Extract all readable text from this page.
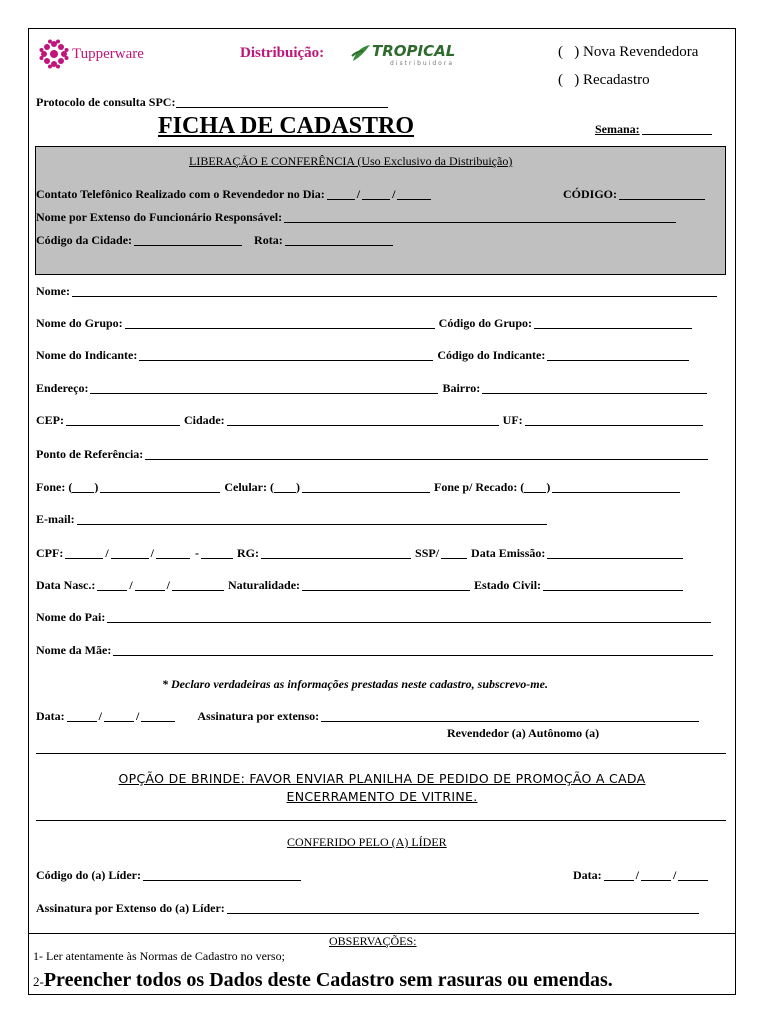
Tupperware	Distribuição:	TROPICAL
distribuidora
(   ) Nova Revendedora
(   ) Recadastro
Protocolo de consulta SPC:
FICHA DE CADASTRO	Semana:
LIBERAÇÃO E CONFERÊNCIA (Uso Exclusivo da Distribuição)
Contato Telefônico Realizado com o Revendedor no Dia:	/	/	CÓDIGO:
Nome por Extenso do Funcionário Responsável:
Código da Cidade:	Rota:
Nome:
Nome do Grupo:	Código do Grupo:
Nome do Indicante:	Código do Indicante:
Endereço:	Bairro:
CEP:	Cidade:	UF:
Ponto de Referência:
Fone: ( )	Celular: ( )	Fone p/ Recado: ( )
E-mail:
CPF:	/	/	-	RG:	SSP/	Data Emissão:
Data Nasc.:	/	/	Naturalidade:	Estado Civil:
Nome do Pai:
Nome da Mãe:
* Declaro verdadeiras as informações prestadas neste cadastro, subscrevo-me.
Data:	/	/	Assinatura por extenso:
Revendedor (a) Autônomo (a)
OPÇÃO DE BRINDE: FAVOR ENVIAR PLANILHA DE PEDIDO DE PROMOÇÃO A CADA
ENCERRAMENTO DE VITRINE.
CONFERIDO PELO (A) LÍDER
Código do (a) Líder:	Data:	/	/
Assinatura por Extenso do (a) Líder:
OBSERVAÇÕES:
1- Ler atentamente às Normas de Cadastro no verso;
2-Preencher todos os Dados deste Cadastro sem rasuras ou emendas.
